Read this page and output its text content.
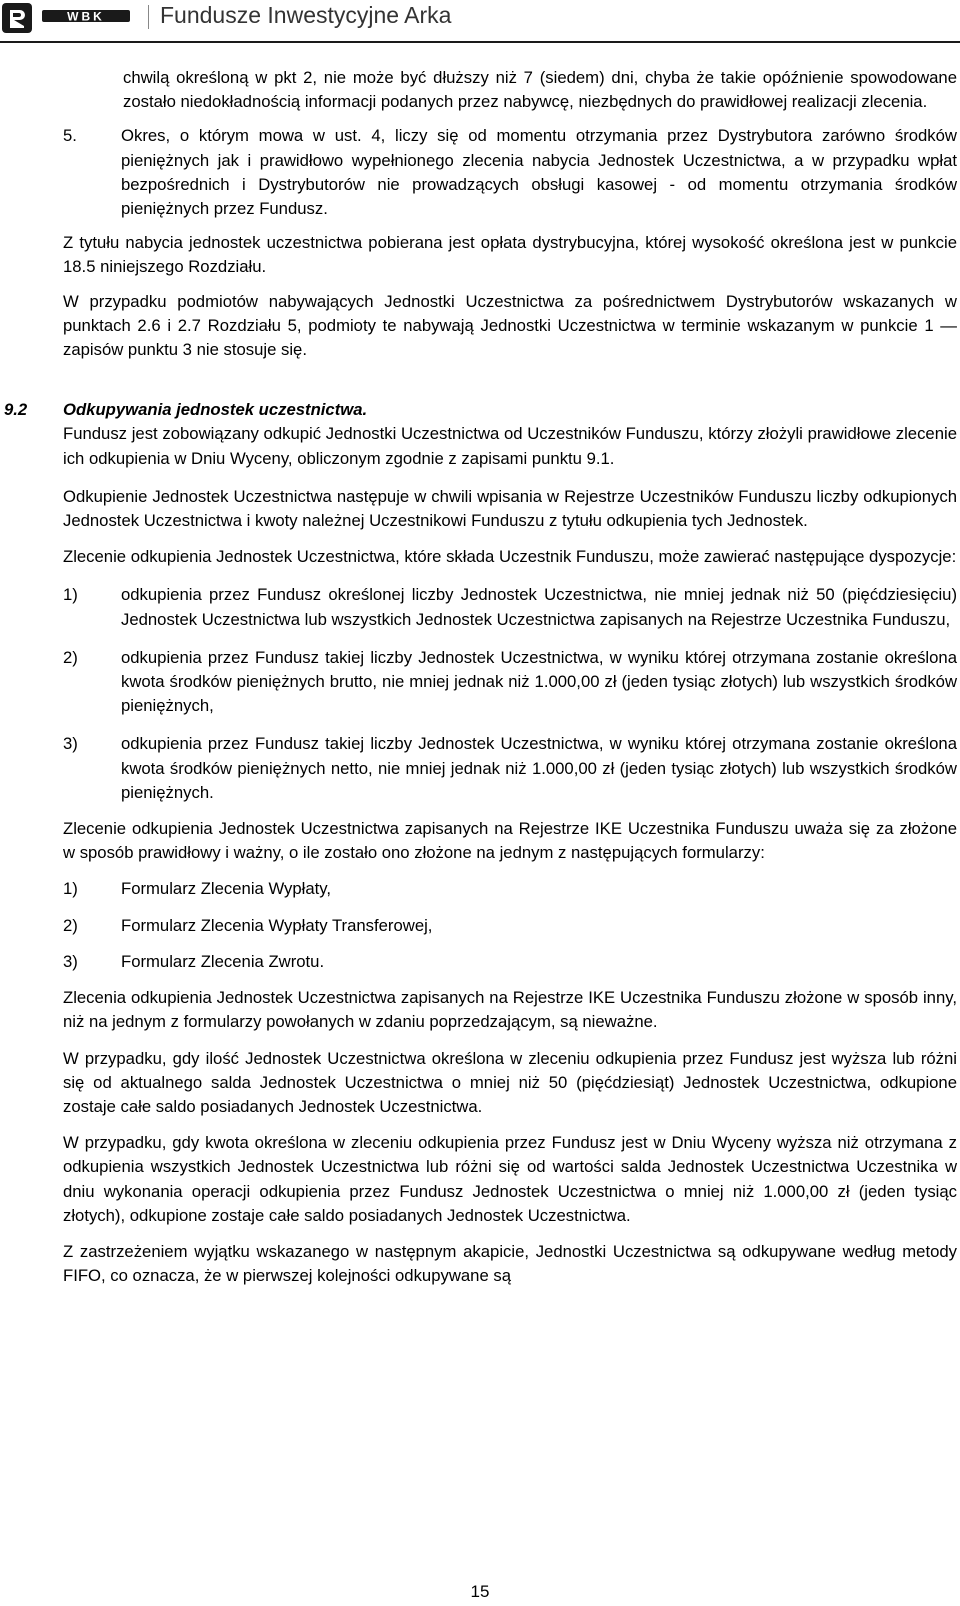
WBK Fundusze Inwestycyjne Arka

chwilą określoną w pkt 2, nie może być dłuższy niż 7 (siedem) dni, chyba że takie opóźnienie spowodowane zostało niedokładnością informacji podanych przez nabywcę, niezbędnych do prawidłowej realizacji zlecenia.

5.	Okres, o którym mowa w ust. 4, liczy się od momentu otrzymania przez Dystrybutora zarówno środków pieniężnych jak i prawidłowo wypełnionego zlecenia nabycia Jednostek Uczestnictwa, a w przypadku wpłat bezpośrednich i Dystrybutorów nie prowadzących obsługi kasowej - od momentu otrzymania środków pieniężnych przez Fundusz.

Z tytułu nabycia jednostek uczestnictwa pobierana jest opłata dystrybucyjna, której wysokość określona jest w punkcie 18.5 niniejszego Rozdziału.

W przypadku podmiotów nabywających Jednostki Uczestnictwa za pośrednictwem Dystrybutorów wskazanych w punktach 2.6 i 2.7 Rozdziału 5, podmioty te nabywają Jednostki Uczestnictwa w terminie wskazanym w punkcie 1 — zapisów punktu 3 nie stosuje się.

9.2	Odkupywania jednostek uczestnictwa.

Fundusz jest zobowiązany odkupić Jednostki Uczestnictwa od Uczestników Funduszu, którzy złożyli prawidłowe zlecenie ich odkupienia w Dniu Wyceny, obliczonym zgodnie z zapisami punktu 9.1.

Odkupienie Jednostek Uczestnictwa następuje w chwili wpisania w Rejestrze Uczestników Funduszu liczby odkupionych Jednostek Uczestnictwa i kwoty należnej Uczestnikowi Funduszu z tytułu odkupienia tych Jednostek.

Zlecenie odkupienia Jednostek Uczestnictwa, które składa Uczestnik Funduszu, może zawierać następujące dyspozycje:

1)	odkupienia przez Fundusz określonej liczby Jednostek Uczestnictwa, nie mniej jednak niż 50 (pięćdziesięciu) Jednostek Uczestnictwa lub wszystkich Jednostek Uczestnictwa zapisanych na Rejestrze Uczestnika Funduszu,
2)	odkupienia przez Fundusz takiej liczby Jednostek Uczestnictwa, w wyniku której otrzymana zostanie określona kwota środków pieniężnych brutto, nie mniej jednak niż 1.000,00 zł (jeden tysiąc złotych) lub wszystkich środków pieniężnych,
3)	odkupienia przez Fundusz takiej liczby Jednostek Uczestnictwa, w wyniku której otrzymana zostanie określona kwota środków pieniężnych netto, nie mniej jednak niż 1.000,00 zł (jeden tysiąc złotych) lub wszystkich środków pieniężnych.

Zlecenie odkupienia Jednostek Uczestnictwa zapisanych na Rejestrze IKE Uczestnika Funduszu uważa się za złożone w sposób prawidłowy i ważny, o ile zostało ono złożone na jednym z następujących formularzy:

1)	Formularz Zlecenia Wypłaty,
2)	Formularz Zlecenia Wypłaty Transferowej,
3)	Formularz Zlecenia Zwrotu.

Zlecenia odkupienia Jednostek Uczestnictwa zapisanych na Rejestrze IKE Uczestnika Funduszu złożone w sposób inny, niż na jednym z formularzy powołanych w zdaniu poprzedzającym, są nieważne.

W przypadku, gdy ilość Jednostek Uczestnictwa określona w zleceniu odkupienia przez Fundusz jest wyższa lub różni się od aktualnego salda Jednostek Uczestnictwa o mniej niż 50 (pięćdziesiąt) Jednostek Uczestnictwa, odkupione zostaje całe saldo posiadanych Jednostek Uczestnictwa.

W przypadku, gdy kwota określona w zleceniu odkupienia przez Fundusz jest w Dniu Wyceny wyższa niż otrzymana z odkupienia wszystkich Jednostek Uczestnictwa lub różni się od wartości salda Jednostek Uczestnictwa Uczestnika w dniu wykonania operacji odkupienia przez Fundusz Jednostek Uczestnictwa o mniej niż 1.000,00 zł (jeden tysiąc złotych), odkupione zostaje całe saldo posiadanych Jednostek Uczestnictwa.

Z zastrzeżeniem wyjątku wskazanego w następnym akapicie, Jednostki Uczestnictwa są odkupywane według metody FIFO, co oznacza, że w pierwszej kolejności odkupywane są

15
